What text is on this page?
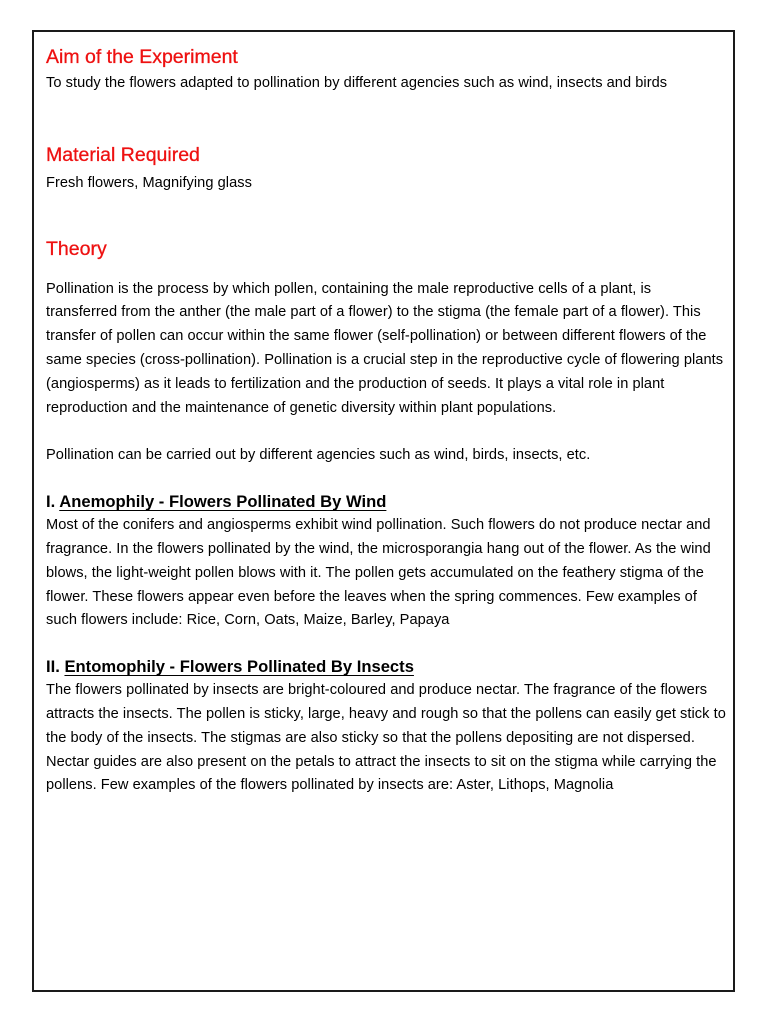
Aim of the Experiment

To study the flowers adapted to pollination by different agencies such as wind, insects and birds

Material Required

Fresh flowers, Magnifying glass

Theory

Pollination is the process by which pollen, containing the male reproductive cells of a plant, is transferred from the anther (the male part of a flower) to the stigma (the female part of a flower). This transfer of pollen can occur within the same flower (self-pollination) or between different flowers of the same species (cross-pollination). Pollination is a crucial step in the reproductive cycle of flowering plants (angiosperms) as it leads to fertilization and the production of seeds. It plays a vital role in plant reproduction and the maintenance of genetic diversity within plant populations.

Pollination can be carried out by different agencies such as wind, birds, insects, etc.

I. Anemophily - Flowers Pollinated By Wind

Most of the conifers and angiosperms exhibit wind pollination. Such flowers do not produce nectar and fragrance. In the flowers pollinated by the wind, the microsporangia hang out of the flower. As the wind blows, the light-weight pollen blows with it. The pollen gets accumulated on the feathery stigma of the flower. These flowers appear even before the leaves when the spring commences. Few examples of such flowers include: Rice, Corn, Oats, Maize, Barley, Papaya

II. Entomophily - Flowers Pollinated By Insects

The flowers pollinated by insects are bright-coloured and produce nectar. The fragrance of the flowers attracts the insects. The pollen is sticky, large, heavy and rough so that the pollens can easily get stick to the body of the insects. The stigmas are also sticky so that the pollens depositing are not dispersed. Nectar guides are also present on the petals to attract the insects to sit on the stigma while carrying the pollens. Few examples of the flowers pollinated by insects are: Aster, Lithops, Magnolia
